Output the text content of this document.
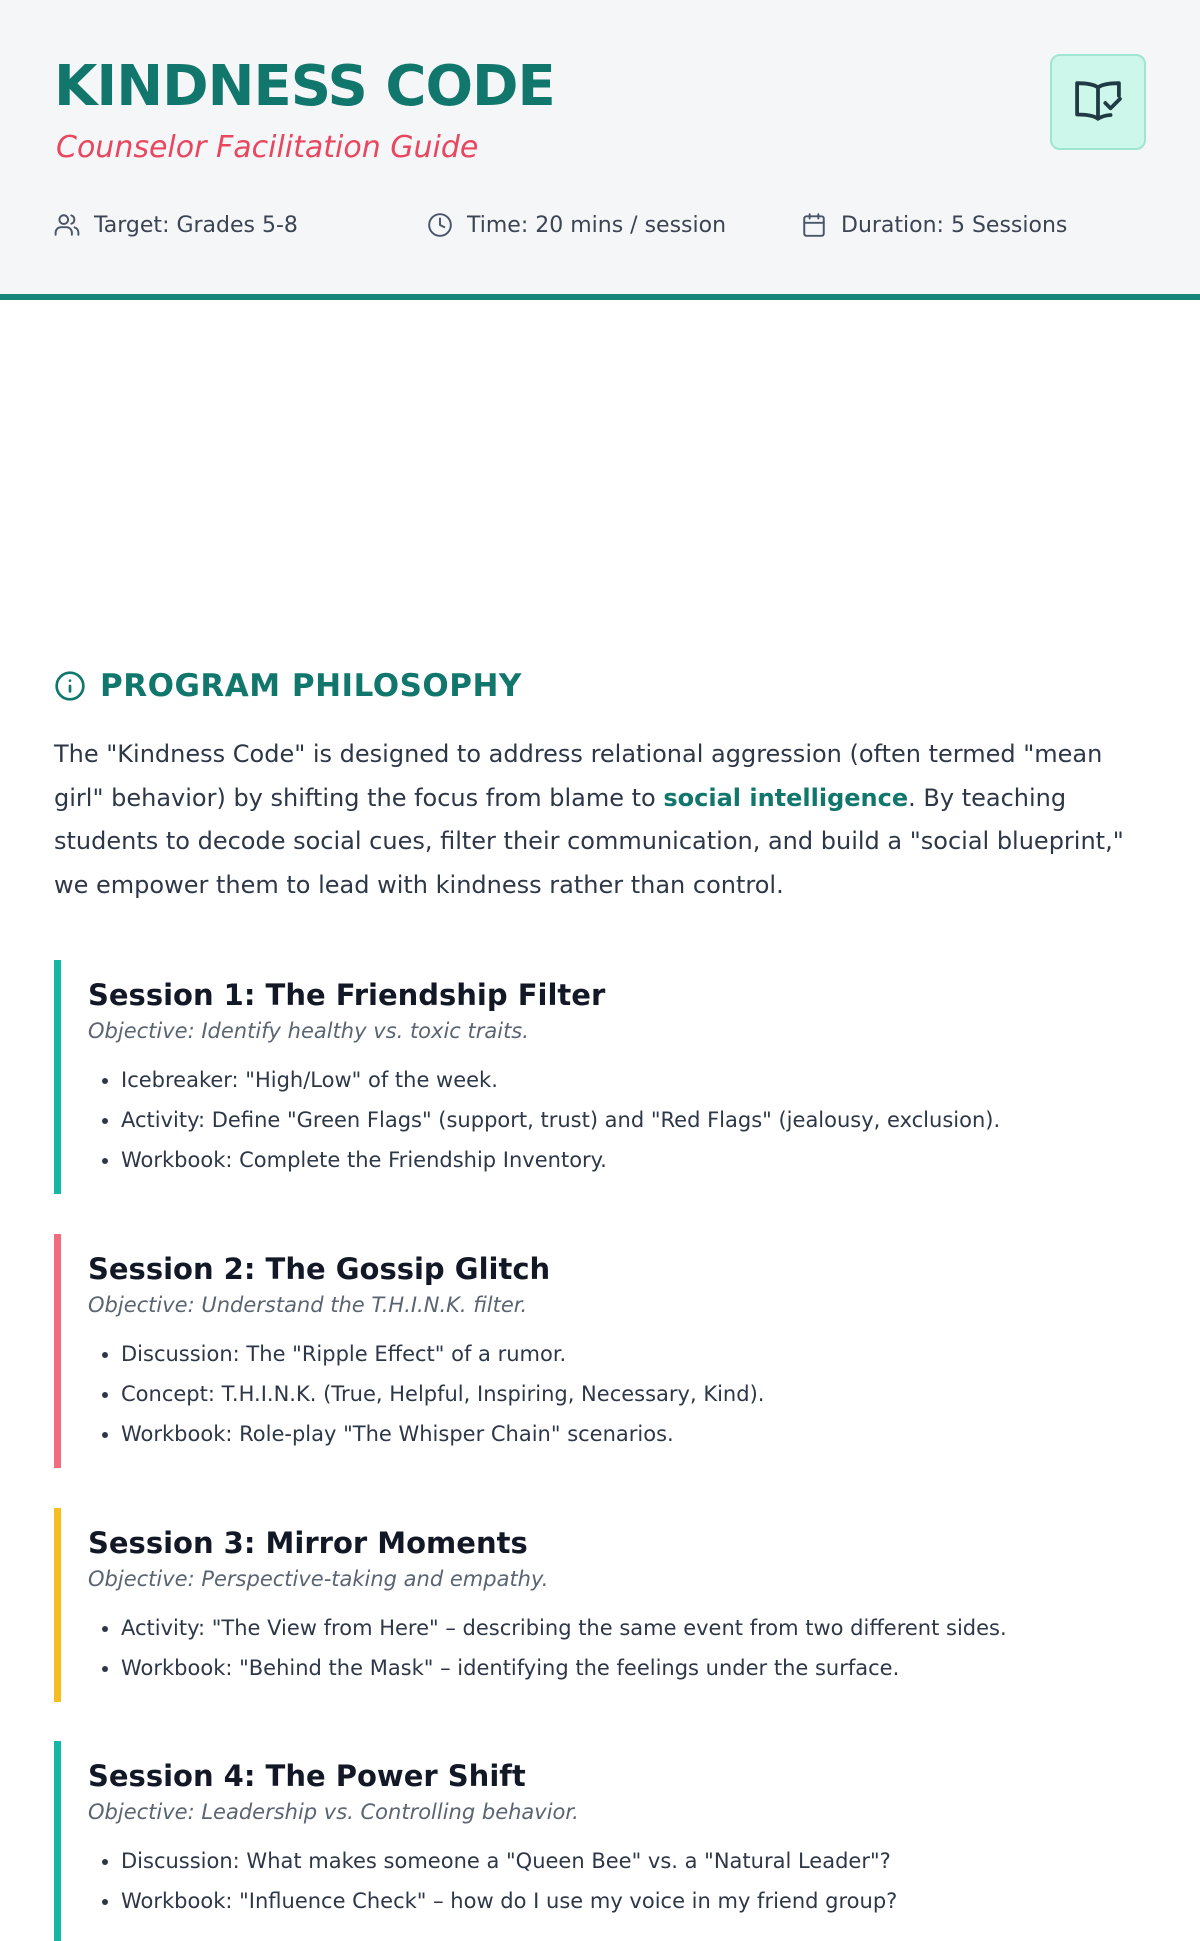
KINDNESS CODE

Counselor Facilitation Guide

Target: Grades 5-8	Time: 20 mins / session	Duration: 5 Sessions
PROGRAM PHILOSOPHY

The "Kindness Code" is designed to address relational aggression (often termed "mean girl" behavior) by shifting the focus from blame to social intelligence. By teaching students to decode social cues, filter their communication, and build a "social blueprint," we empower them to lead with kindness rather than control.

Session 1: The Friendship Filter

Objective: Identify healthy vs. toxic traits.

• Icebreaker: "High/Low" of the week.
• Activity: Define "Green Flags" (support, trust) and "Red Flags" (jealousy, exclusion).
• Workbook: Complete the Friendship Inventory.
Session 2: The Gossip Glitch

Objective: Understand the T.H.I.N.K. filter.

• Discussion: The "Ripple Effect" of a rumor.
• Concept: T.H.I.N.K. (True, Helpful, Inspiring, Necessary, Kind).
• Workbook: Role-play "The Whisper Chain" scenarios.
Session 3: Mirror Moments

Objective: Perspective-taking and empathy.

• Activity: "The View from Here" – describing the same event from two different sides.
• Workbook: "Behind the Mask" – identifying the feelings under the surface.
Session 4: The Power Shift

Objective: Leadership vs. Controlling behavior.

• Discussion: What makes someone a "Queen Bee" vs. a "Natural Leader"?
• Workbook: "Influence Check" – how do I use my voice in my friend group?
